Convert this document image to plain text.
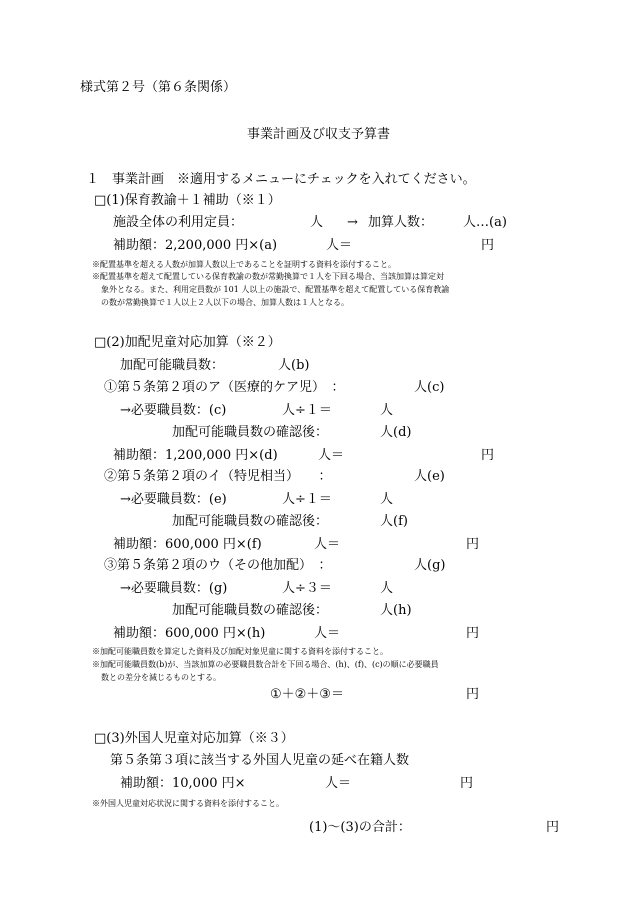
様式第２号（第６条関係）
事業計画及び収支予算書
１　事業計画　※適用するメニューにチェックを入れてください。
□(1)保育教諭＋１補助（※１）
施設全体の利用定員：	人 → 加算人数： 人…(a)
補助額：2,200,000 円×(a)	人＝	円
※配置基準を超える人数が加算人数以上であることを証明する資料を添付すること。
※配置基準を超えて配置している保育教諭の数が常勤換算で１人を下回る場合、当該加算は算定対
象外となる。また、利用定員数が 101 人以上の施設で、配置基準を超えて配置している保育教諭
の数が常勤換算で１人以上２人以下の場合、加算人数は１人となる。
□(2)加配児童対応加算（※２）
加配可能職員数：	人(b)
①第５条第２項のア（医療的ケア児）　：	人(c)
→必要職員数：(c)	人÷１＝	人
加配可能職員数の確認後：	人(d)
補助額：1,200,000 円×(d)	人＝	円
②第５条第２項のイ（特児相当）　　：	人(e)
→必要職員数：(e)	人÷１＝	人
加配可能職員数の確認後：	人(f)
補助額：600,000 円×(f)	人＝	円
③第５条第２項のウ（その他加配）　：	人(g)
→必要職員数：(g)	人÷３＝	人
加配可能職員数の確認後：	人(h)
補助額：600,000 円×(h)	人＝	円
※加配可能職員数を算定した資料及び加配対象児童に関する資料を添付すること。
※加配可能職員数(b)が、当該加算の必要職員数合計を下回る場合、(h)、(f)、(c)の順に必要職員
数との差分を減じるものとする。
①＋②＋③＝	円
□(3)外国人児童対応加算（※３）
第５条第３項に該当する外国人児童の延べ在籍人数
補助額：10,000 円×	人＝	円
※外国人児童対応状況に関する資料を添付すること。
(1)～(3)の合計：	円
